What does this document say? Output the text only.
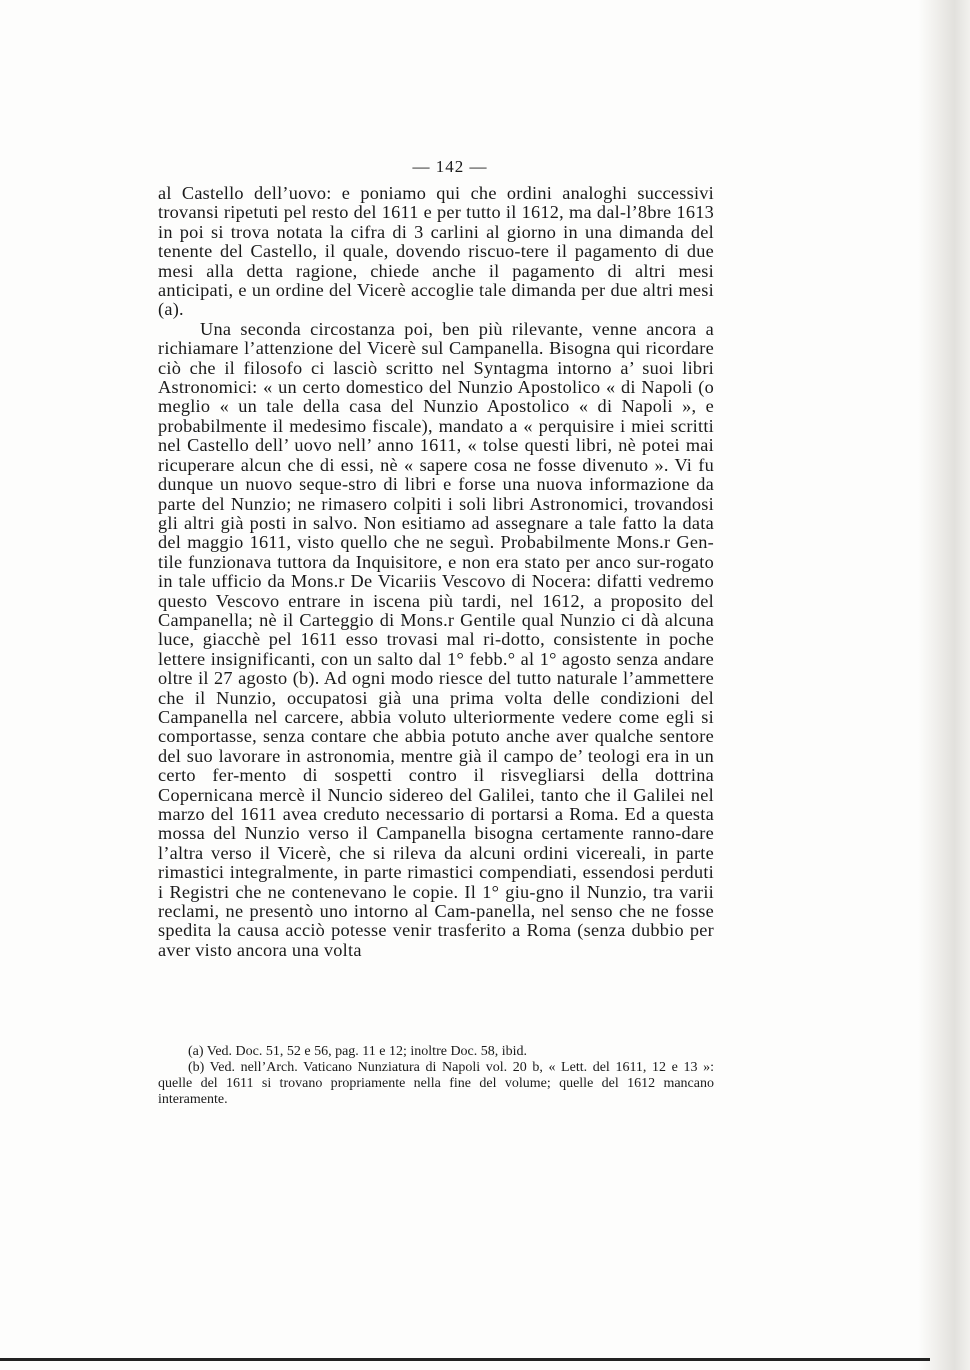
— 142 —

al Castello dell’uovo: e poniamo qui che ordini analoghi successivi trovansi ripetuti pel resto del 1611 e per tutto il 1612, ma dal-l’8bre 1613 in poi si trova notata la cifra di 3 carlini al giorno in una dimanda del tenente del Castello, il quale, dovendo riscuo-tere il pagamento di due mesi alla detta ragione, chiede anche il pagamento di altri mesi anticipati, e un ordine del Vicerè accoglie tale dimanda per due altri mesi (a).

Una seconda circostanza poi, ben più rilevante, venne ancora a richiamare l’attenzione del Vicerè sul Campanella. Bisogna qui ricordare ciò che il filosofo ci lasciò scritto nel Syntagma intorno a’ suoi libri Astronomici: « un certo domestico del Nunzio Apostolico « di Napoli (o meglio « un tale della casa del Nunzio Apostolico « di Napoli », e probabilmente il medesimo fiscale), mandato a « perquisire i miei scritti nel Castello dell’ uovo nell’ anno 1611, « tolse questi libri, nè potei mai ricuperare alcun che di essi, nè « sapere cosa ne fosse divenuto ». Vi fu dunque un nuovo seque-stro di libri e forse una nuova informazione da parte del Nunzio; ne rimasero colpiti i soli libri Astronomici, trovandosi gli altri già posti in salvo. Non esitiamo ad assegnare a tale fatto la data del maggio 1611, visto quello che ne seguì. Probabilmente Mons.r Gen-tile funzionava tuttora da Inquisitore, e non era stato per anco sur-rogato in tale ufficio da Mons.r De Vicariis Vescovo di Nocera: difatti vedremo questo Vescovo entrare in iscena più tardi, nel 1612, a proposito del Campanella; nè il Carteggio di Mons.r Gentile qual Nunzio ci dà alcuna luce, giacchè pel 1611 esso trovasi mal ri-dotto, consistente in poche lettere insignificanti, con un salto dal 1° febb.° al 1° agosto senza andare oltre il 27 agosto (b). Ad ogni modo riesce del tutto naturale l’ammettere che il Nunzio, occupatosi già una prima volta delle condizioni del Campanella nel carcere, abbia voluto ulteriormente vedere come egli si comportasse, senza contare che abbia potuto anche aver qualche sentore del suo lavorare in astronomia, mentre già il campo de’ teologi era in un certo fer-mento di sospetti contro il risvegliarsi della dottrina Copernicana mercè il Nuncio sidereo del Galilei, tanto che il Galilei nel marzo del 1611 avea creduto necessario di portarsi a Roma. Ed a questa mossa del Nunzio verso il Campanella bisogna certamente ranno-dare l’altra verso il Vicerè, che si rileva da alcuni ordini vicereali, in parte rimastici integralmente, in parte rimastici compendiati, essendosi perduti i Registri che ne contenevano le copie. Il 1° giu-gno il Nunzio, tra varii reclami, ne presentò uno intorno al Cam-panella, nel senso che ne fosse spedita la causa acciò potesse venir trasferito a Roma (senza dubbio per aver visto ancora una volta

(a) Ved. Doc. 51, 52 e 56, pag. 11 e 12; inoltre Doc. 58, ibid.

(b) Ved. nell’Arch. Vaticano Nunziatura di Napoli vol. 20 b, « Lett. del 1611, 12 e 13 »: quelle del 1611 si trovano propriamente nella fine del volume; quelle del 1612 mancano interamente.
